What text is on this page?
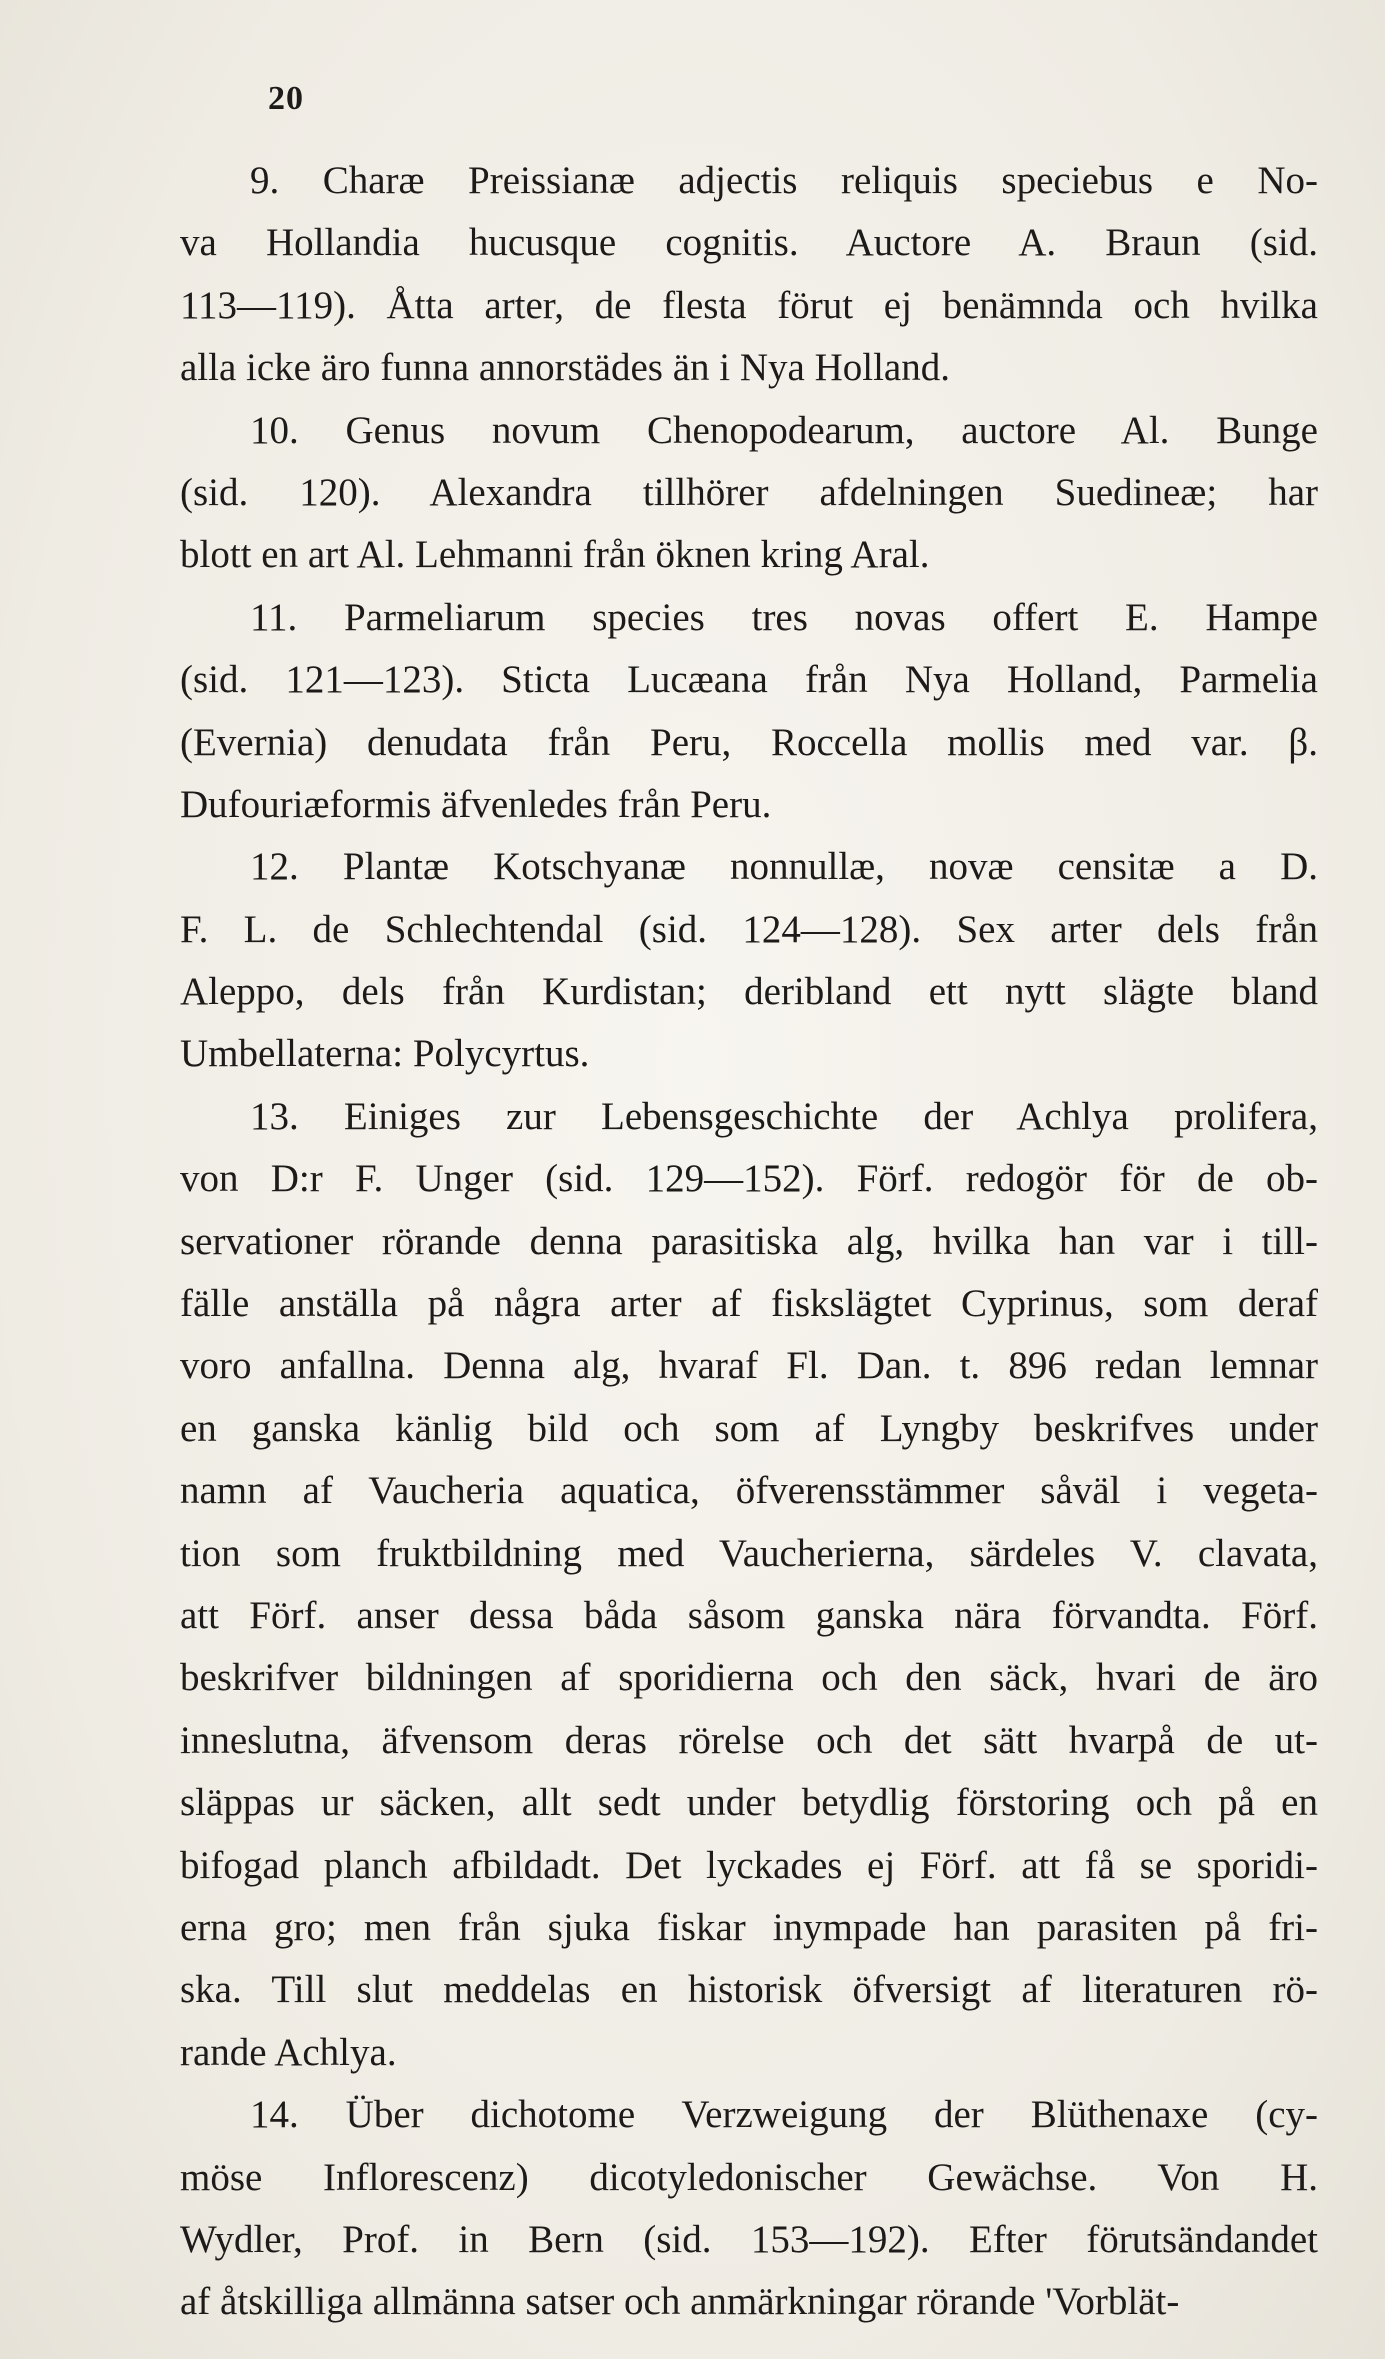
20
9. Charæ Preissianæ adjectis reliquis speciebus e No-
va Hollandia hucusque cognitis. Auctore A. Braun (sid.
113—119). Åtta arter, de flesta förut ej benämnda och hvilka
alla icke äro funna annorstädes än i Nya Holland.
10. Genus novum Chenopodearum, auctore Al. Bunge
(sid. 120). Alexandra tillhörer afdelningen Suedineæ; har
blott en art Al. Lehmanni från öknen kring Aral.
11. Parmeliarum species tres novas offert E. Hampe
(sid. 121—123). Sticta Lucæana från Nya Holland, Parmelia
(Evernia) denudata från Peru, Roccella mollis med var. β.
Dufouriæformis äfvenledes från Peru.
12. Plantæ Kotschyanæ nonnullæ, novæ censitæ a D.
F. L. de Schlechtendal (sid. 124—128). Sex arter dels från
Aleppo, dels från Kurdistan; deribland ett nytt slägte bland
Umbellaterna: Polycyrtus.
13. Einiges zur Lebensgeschichte der Achlya prolifera,
von D:r F. Unger (sid. 129—152). Förf. redogör för de ob-
servationer rörande denna parasitiska alg, hvilka han var i till-
fälle anställa på några arter af fiskslägtet Cyprinus, som deraf
voro anfallna. Denna alg, hvaraf Fl. Dan. t. 896 redan lemnar
en ganska känlig bild och som af Lyngby beskrifves under
namn af Vaucheria aquatica, öfverensstämmer såväl i vegeta-
tion som fruktbildning med Vaucherierna, särdeles V. clavata,
att Förf. anser dessa båda såsom ganska nära förvandta. Förf.
beskrifver bildningen af sporidierna och den säck, hvari de äro
inneslutna, äfvensom deras rörelse och det sätt hvarpå de ut-
släppas ur säcken, allt sedt under betydlig förstoring och på en
bifogad planch afbildadt. Det lyckades ej Förf. att få se sporidi-
erna gro; men från sjuka fiskar inympade han parasiten på fri-
ska. Till slut meddelas en historisk öfversigt af literaturen rö-
rande Achlya.
14. Über dichotome Verzweigung der Blüthenaxe (cy-
möse Inflorescenz) dicotyledonischer Gewächse. Von H.
Wydler, Prof. in Bern (sid. 153—192). Efter förutsändandet
af åtskilliga allmänna satser och anmärkningar rörande 'Vorblät-
